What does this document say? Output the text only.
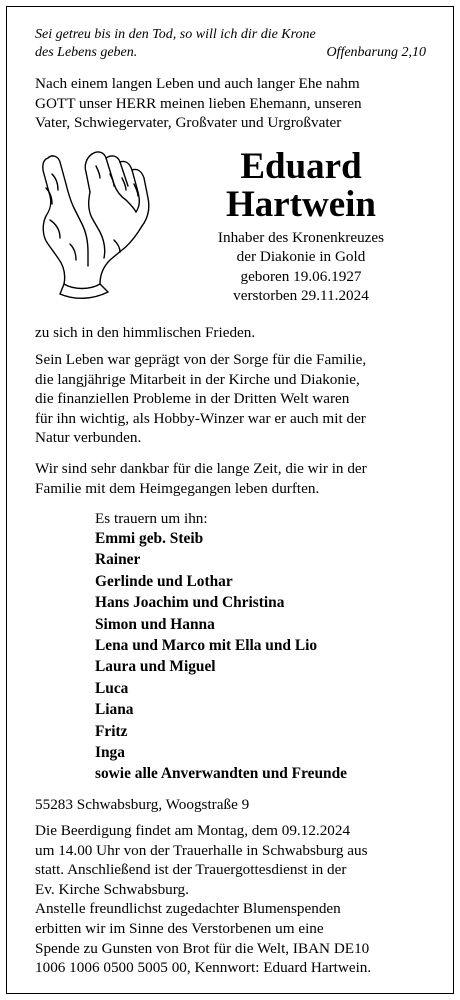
Sei getreu bis in den Tod, so will ich dir die Krone
des Lebens geben.	Offenbarung 2,10
Nach einem langen Leben und auch langer Ehe nahm
GOTT unser HERR meinen lieben Ehemann, unseren
Vater, Schwiegervater, Großvater und Urgroßvater
Eduard
Hartwein
Inhaber des Kronenkreuzes
der Diakonie in Gold
geboren 19.06.1927
verstorben 29.11.2024
zu sich in den himmlischen Frieden.
Sein Leben war geprägt von der Sorge für die Familie,
die langjährige Mitarbeit in der Kirche und Diakonie,
die finanziellen Probleme in der Dritten Welt waren
für ihn wichtig, als Hobby-Winzer war er auch mit der
Natur verbunden.
Wir sind sehr dankbar für die lange Zeit, die wir in der
Familie mit dem Heimgegangen leben durften.
Es trauern um ihn:
Emmi geb. Steib
Rainer
Gerlinde und Lothar
Hans Joachim und Christina
Simon und Hanna
Lena und Marco mit Ella und Lio
Laura und Miguel
Luca
Liana
Fritz
Inga
sowie alle Anverwandten und Freunde
55283 Schwabsburg, Woogstraße 9
Die Beerdigung findet am Montag, dem 09.12.2024
um 14.00 Uhr von der Trauerhalle in Schwabsburg aus
statt. Anschließend ist der Trauergottesdienst in der
Ev. Kirche Schwabsburg.
Anstelle freundlichst zugedachter Blumenspenden
erbitten wir im Sinne des Verstorbenen um eine
Spende zu Gunsten von Brot für die Welt, IBAN DE10
1006 1006 0500 5005 00, Kennwort: Eduard Hartwein.
